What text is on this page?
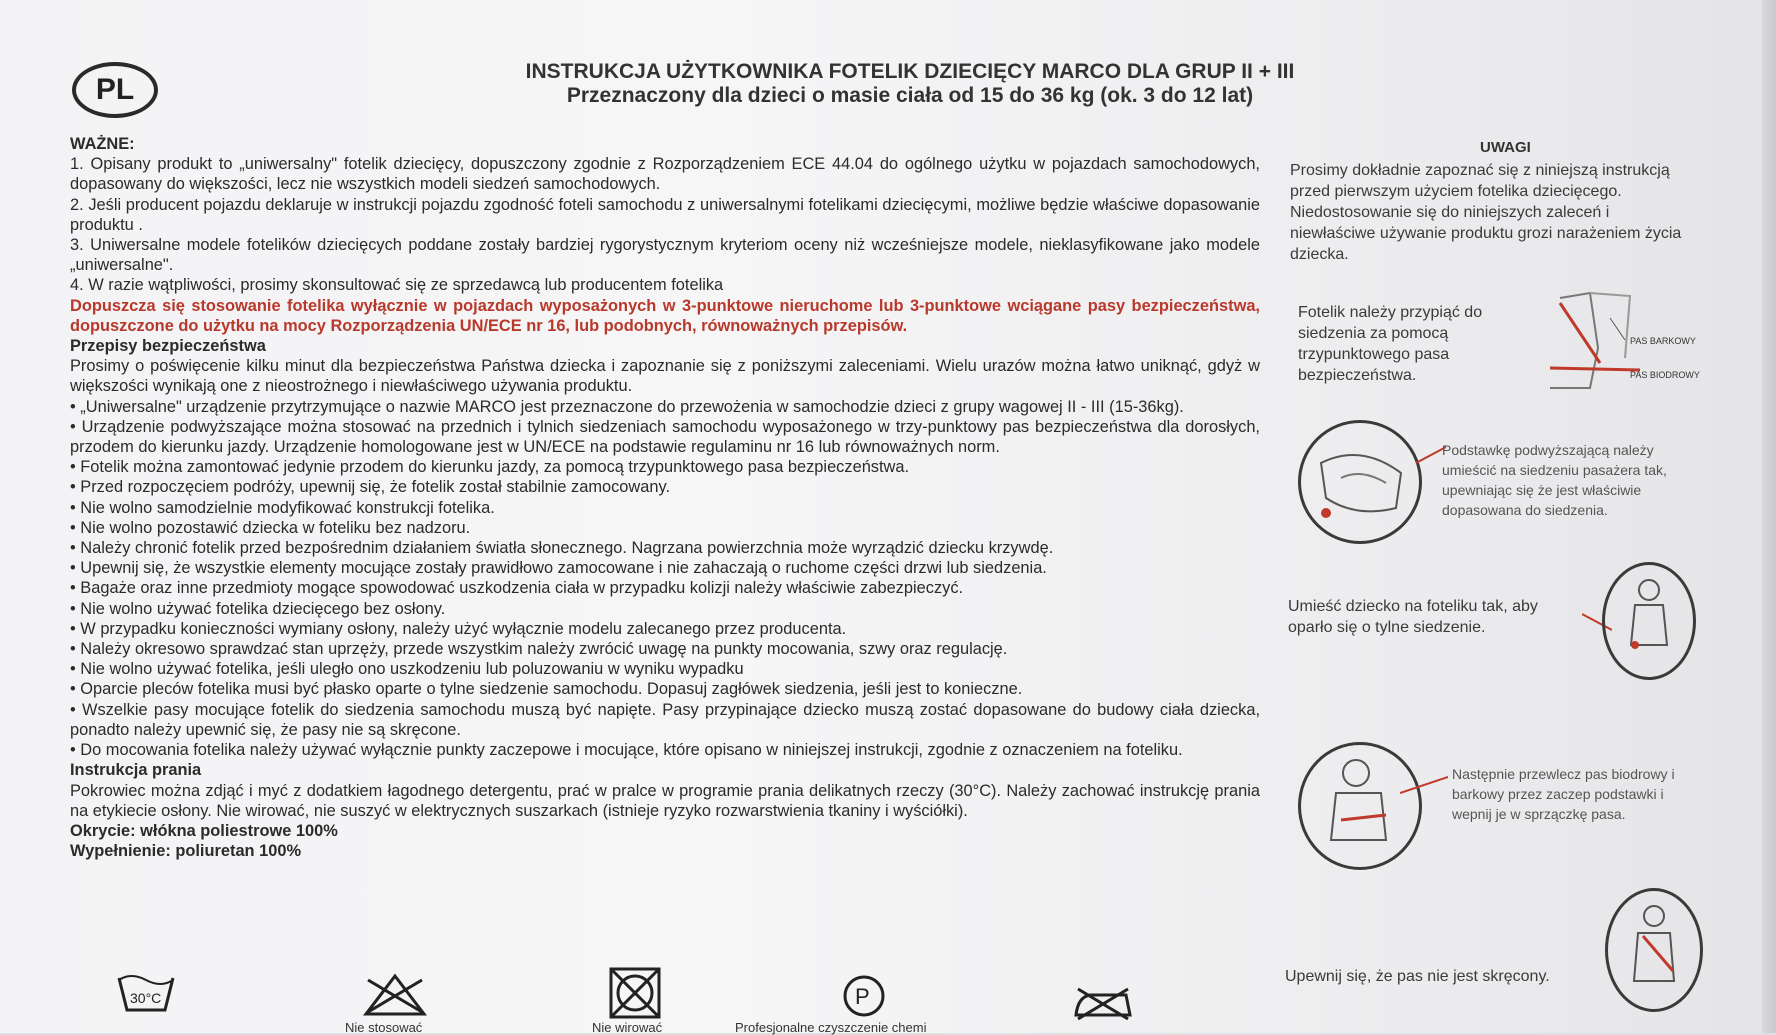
PL
INSTRUKCJA UŻYTKOWNIKA FOTELIK DZIECIĘCY MARCO DLA GRUP II + III
Przeznaczony dla dzieci o masie ciała od 15 do 36 kg (ok. 3 do 12 lat)

WAŻNE:

1. Opisany produkt to „uniwersalny" fotelik dziecięcy, dopuszczony zgodnie z Rozporządzeniem ECE 44.04 do ogólnego użytku w pojazdach samochodowych, dopasowany do większości, lecz nie wszystkich modeli siedzeń samochodowych.

2. Jeśli producent pojazdu deklaruje w instrukcji pojazdu zgodność foteli samochodu z uniwersalnymi fotelikami dziecięcymi, możliwe będzie właściwe dopasowanie produktu .

3. Uniwersalne modele fotelików dziecięcych poddane zostały bardziej rygorystycznym kryteriom oceny niż wcześniejsze modele, nieklasyfikowane jako modele „uniwersalne".

4. W razie wątpliwości, prosimy skonsultować się ze sprzedawcą lub producentem fotelika

Dopuszcza się stosowanie fotelika wyłącznie w pojazdach wyposażonych w 3-punktowe nieruchome lub 3-punktowe wciągane pasy bezpieczeństwa, dopuszczone do użytku na mocy Rozporządzenia UN/ECE nr 16, lub podobnych, równoważnych przepisów.

Przepisy bezpieczeństwa

Prosimy o poświęcenie kilku minut dla bezpieczeństwa Państwa dziecka i zapoznanie się z poniższymi zaleceniami. Wielu urazów można łatwo uniknąć, gdyż w większości wynikają one z nieostrożnego i niewłaściwego używania produktu.

• „Uniwersalne" urządzenie przytrzymujące o nazwie MARCO jest przeznaczone do przewożenia w samochodzie dzieci z grupy wagowej II - III (15-36kg).

• Urządzenie podwyższające można stosować na przednich i tylnich siedzeniach samochodu wyposażonego w trzy-punktowy pas bezpieczeństwa dla dorosłych, przodem do kierunku jazdy. Urządzenie homologowane jest w UN/ECE na podstawie regulaminu nr 16 lub równoważnych norm.

• Fotelik można zamontować jedynie przodem do kierunku jazdy, za pomocą trzypunktowego pasa bezpieczeństwa.

• Przed rozpoczęciem podróży, upewnij się, że fotelik został stabilnie zamocowany.

• Nie wolno samodzielnie modyfikować konstrukcji fotelika.

• Nie wolno pozostawić dziecka w foteliku bez nadzoru.

• Należy chronić fotelik przed bezpośrednim działaniem światła słonecznego. Nagrzana powierzchnia może wyrządzić dziecku krzywdę.

• Upewnij się, że wszystkie elementy mocujące zostały prawidłowo zamocowane i nie zahaczają o ruchome części drzwi lub siedzenia.

• Bagaże oraz inne przedmioty mogące spowodować uszkodzenia ciała w przypadku kolizji należy właściwie zabezpieczyć.

• Nie wolno używać fotelika dziecięcego bez osłony.

• W przypadku konieczności wymiany osłony, należy użyć wyłącznie modelu zalecanego przez producenta.

• Należy okresowo sprawdzać stan uprzęży, przede wszystkim należy zwrócić uwagę na punkty mocowania, szwy oraz regulację.

• Nie wolno używać fotelika, jeśli uległo ono uszkodzeniu lub poluzowaniu w wyniku wypadku

• Oparcie pleców fotelika musi być płasko oparte o tylne siedzenie samochodu. Dopasuj zagłówek siedzenia, jeśli jest to konieczne.

• Wszelkie pasy mocujące fotelik do siedzenia samochodu muszą być napięte. Pasy przypinające dziecko muszą zostać dopasowane do budowy ciała dziecka, ponadto należy upewnić się, że pasy nie są skręcone.

• Do mocowania fotelika należy używać wyłącznie punkty zaczepowe i mocujące, które opisano w niniejszej instrukcji, zgodnie z oznaczeniem na foteliku.

Instrukcja prania

Pokrowiec można zdjąć i myć z dodatkiem łagodnego detergentu, prać w pralce w programie prania delikatnych rzeczy (30°C). Należy zachować instrukcję prania na etykiecie osłony. Nie wirować, nie suszyć w elektrycznych suszarkach (istnieje ryzyko rozwarstwienia tkaniny i wyściółki).

Okrycie: włókna poliestrowe 100%

Wypełnienie: poliuretan 100%

UWAGI
Prosimy dokładnie zapoznać się z niniejszą instrukcją przed pierwszym użyciem fotelika dziecięcego. Niedostosowanie się do niniejszych zaleceń i niewłaściwe używanie produktu grozi narażeniem życia dziecka.
Fotelik należy przypiąć do siedzenia za pomocą trzypunktowego pasa bezpieczeństwa.
PAS BARKOWY
PAS BIODROWY
Podstawkę podwyższającą należy umieścić na siedzeniu pasażera tak, upewniając się że jest właściwie dopasowana do siedzenia.
Umieść dziecko na foteliku tak, aby oparło się o tylne siedzenie.
Następnie przewlecz pas biodrowy i barkowy przez zaczep podstawki i wepnij je w sprzączkę pasa.
Upewnij się, że pas nie jest skręcony.
30°C	P
Nie stosować	Nie wirować	Profesjonalne czyszczenie chemi
